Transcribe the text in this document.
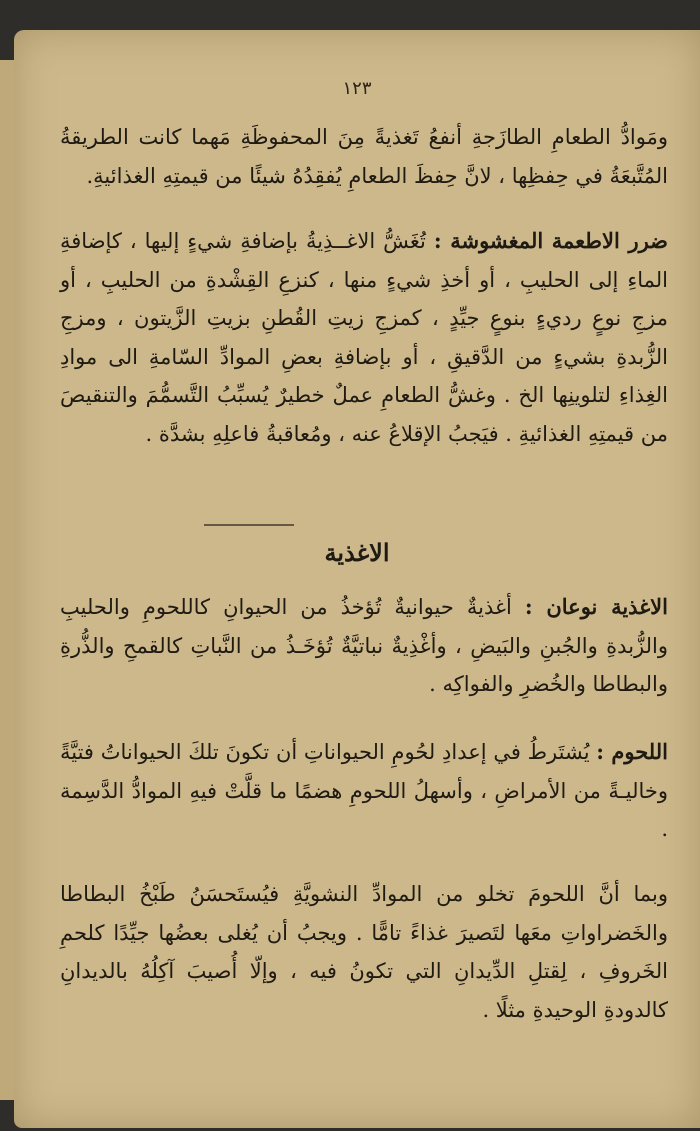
١٢٣
ومَوادُّ الطعامِ الطازَجةِ أنفعُ تَغذيةً مِنَ المحفوظَةِ مَهما كانت الطريقةُ المُتَّبعَةُ في حِفظِها ، لانَّ حِفظَ الطعامِ يُفقِدُهُ شيئًا من قيمتِهِ الغذائيةِ.
ضرر الاطعمة المغشوشة : تُغَشُّ الاغــذِيةُ بإضافةِ شيءٍ إليها ، كإضافةِ الماءِ إلى الحليبِ ، أو أخذِ شيءٍ منها ، كنزعِ القِشْدةِ من الحليبِ ، أو مزجِ نوعٍ رديءٍ بنوعٍ جيِّدٍ ، كمزجِ زيتِ القُطنِ بزيتِ الزَّيتون ، ومزجِ الزُّبدةِ بشيءٍ من الدَّقيقِ ، أو بإضافةِ بعضِ الموادِّ السّامةِ الى موادِ الغِذاءِ لتلوينِها الخ . وغشُّ الطعامِ عملٌ خطيرٌ يُسبِّبُ التَّسمُّمَ والتنقيصَ من قيمتِهِ الغذائيةِ . فيَجبُ الإقلاعُ عنه ، ومُعاقبةُ فاعلِهِ بشدَّة .
الاغذية
الاغذية نوعان : أغذيةٌ حيوانيةٌ تُؤخذُ من الحيوانِ كاللحومِ والحليبِ والزُّبدةِ والجُبنِ والبَيضِ ، وأغْذِيةٌ نباتيَّةٌ تُؤخَـذُ من النَّباتِ كالقمحِ والذُّرةِ والبطاطا والخُضرِ والفواكِه .
اللحوم : يُشتَرطُ في إعدادِ لحُومِ الحيواناتِ أن تكونَ تلكَ الحيواناتُ فتيَّةً وخاليـةً من الأمراضِ ، وأسهلُ اللحومِ هضمًا ما قلَّتْ فيهِ الموادُّ الدَّسِمة .
وبما أنَّ اللحومَ تخلو من الموادِّ النشويَّةِ فيُستَحسَنُ طَبْخُ البطاطا والخَضراواتِ معَها لتَصيرَ غذاءً تامًّا . ويجبُ أن يُغلى بعضُها جيِّدًا كلحمِ الخَروفِ ، لِقتلِ الدِّيدانِ التي تكونُ فيه ، وإلّا أُصيبَ آكِلُهُ بالديدانِ كالدودةِ الوحيدةِ مثلًا .
